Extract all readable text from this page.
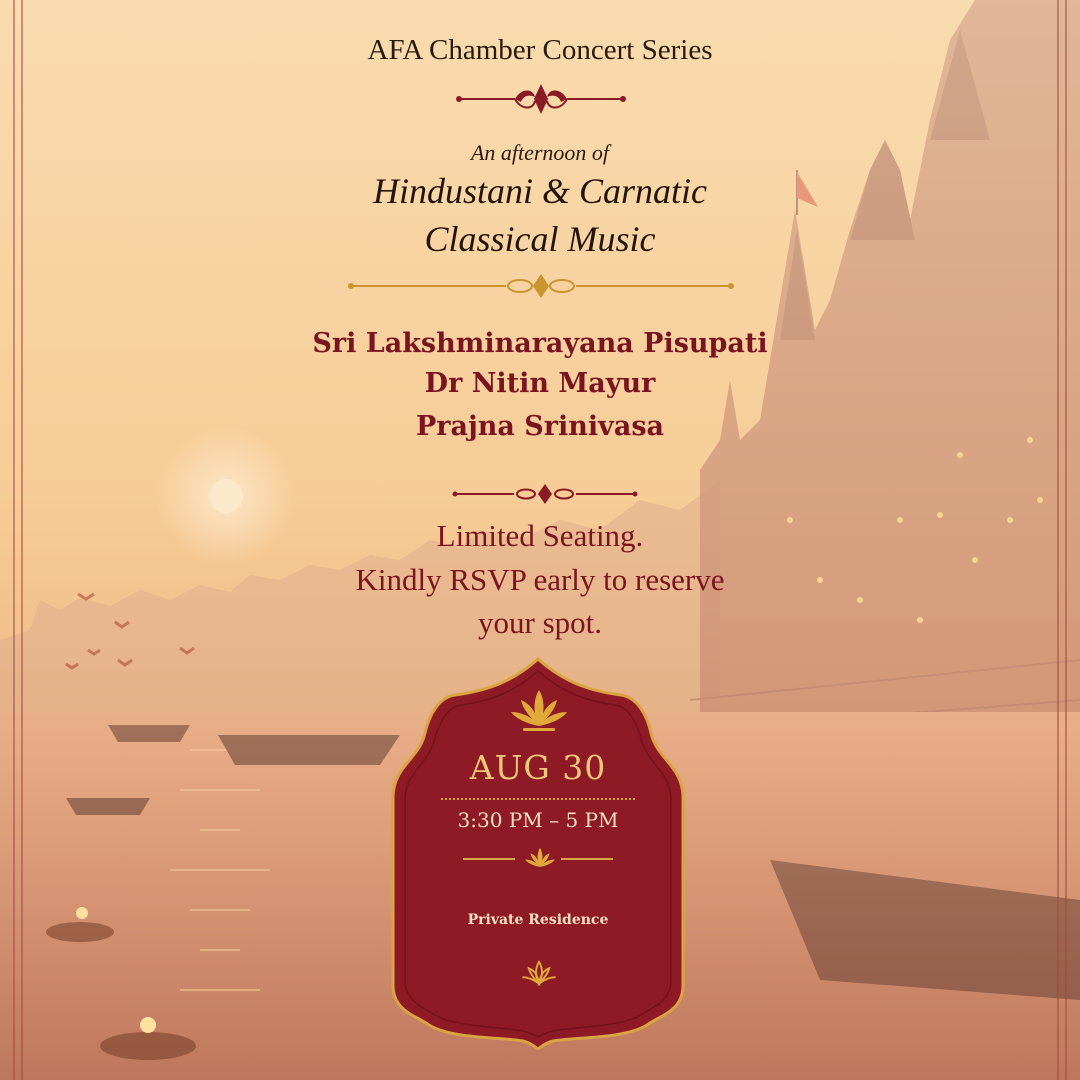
AFA Chamber Concert Series

An afternoon of

Hindustani & Carnatic

Classical Music

Sri Lakshminarayana Pisupati

Dr Nitin Mayur

Prajna Srinivasa

Limited Seating.

Kindly RSVP early to reserve

your spot.

AUG 30

3:30 PM – 5 PM

Private Residence
